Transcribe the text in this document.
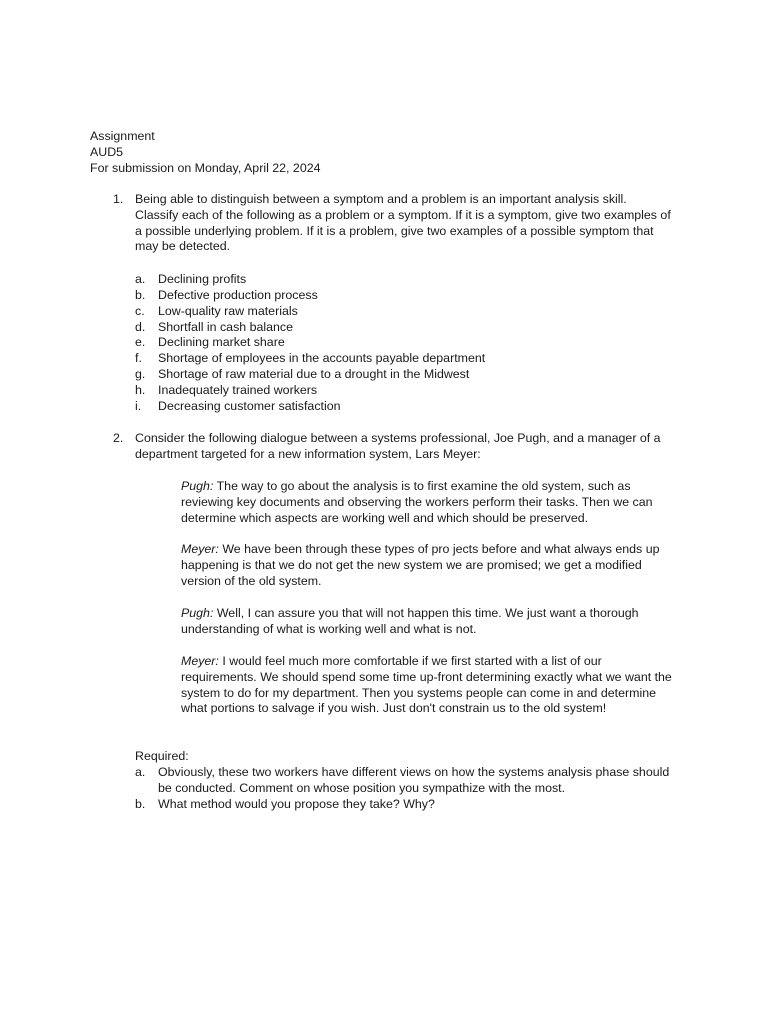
Assignment
AUD5
For submission on Monday, April 22, 2024
1. Being able to distinguish between a symptom and a problem is an important analysis skill. Classify each of the following as a problem or a symptom. If it is a symptom, give two examples of a possible underlying problem. If it is a problem, give two examples of a possible symptom that may be detected.
a. Declining profits
b. Defective production process
c. Low-quality raw materials
d. Shortfall in cash balance
e. Declining market share
f. Shortage of employees in the accounts payable department
g. Shortage of raw material due to a drought in the Midwest
h. Inadequately trained workers
i. Decreasing customer satisfaction
2. Consider the following dialogue between a systems professional, Joe Pugh, and a manager of a department targeted for a new information system, Lars Meyer:

Pugh: The way to go about the analysis is to first examine the old system, such as reviewing key documents and observing the workers perform their tasks. Then we can determine which aspects are working well and which should be preserved.

Meyer: We have been through these types of pro jects before and what always ends up happening is that we do not get the new system we are promised; we get a modified version of the old system.

Pugh: Well, I can assure you that will not happen this time. We just want a thorough understanding of what is working well and what is not.

Meyer: I would feel much more comfortable if we first started with a list of our requirements. We should spend some time up-front determining exactly what we want the system to do for my department. Then you systems people can come in and determine what portions to salvage if you wish. Just don't constrain us to the old system!

Required:
a. Obviously, these two workers have different views on how the systems analysis phase should be conducted. Comment on whose position you sympathize with the most.
b. What method would you propose they take? Why?
